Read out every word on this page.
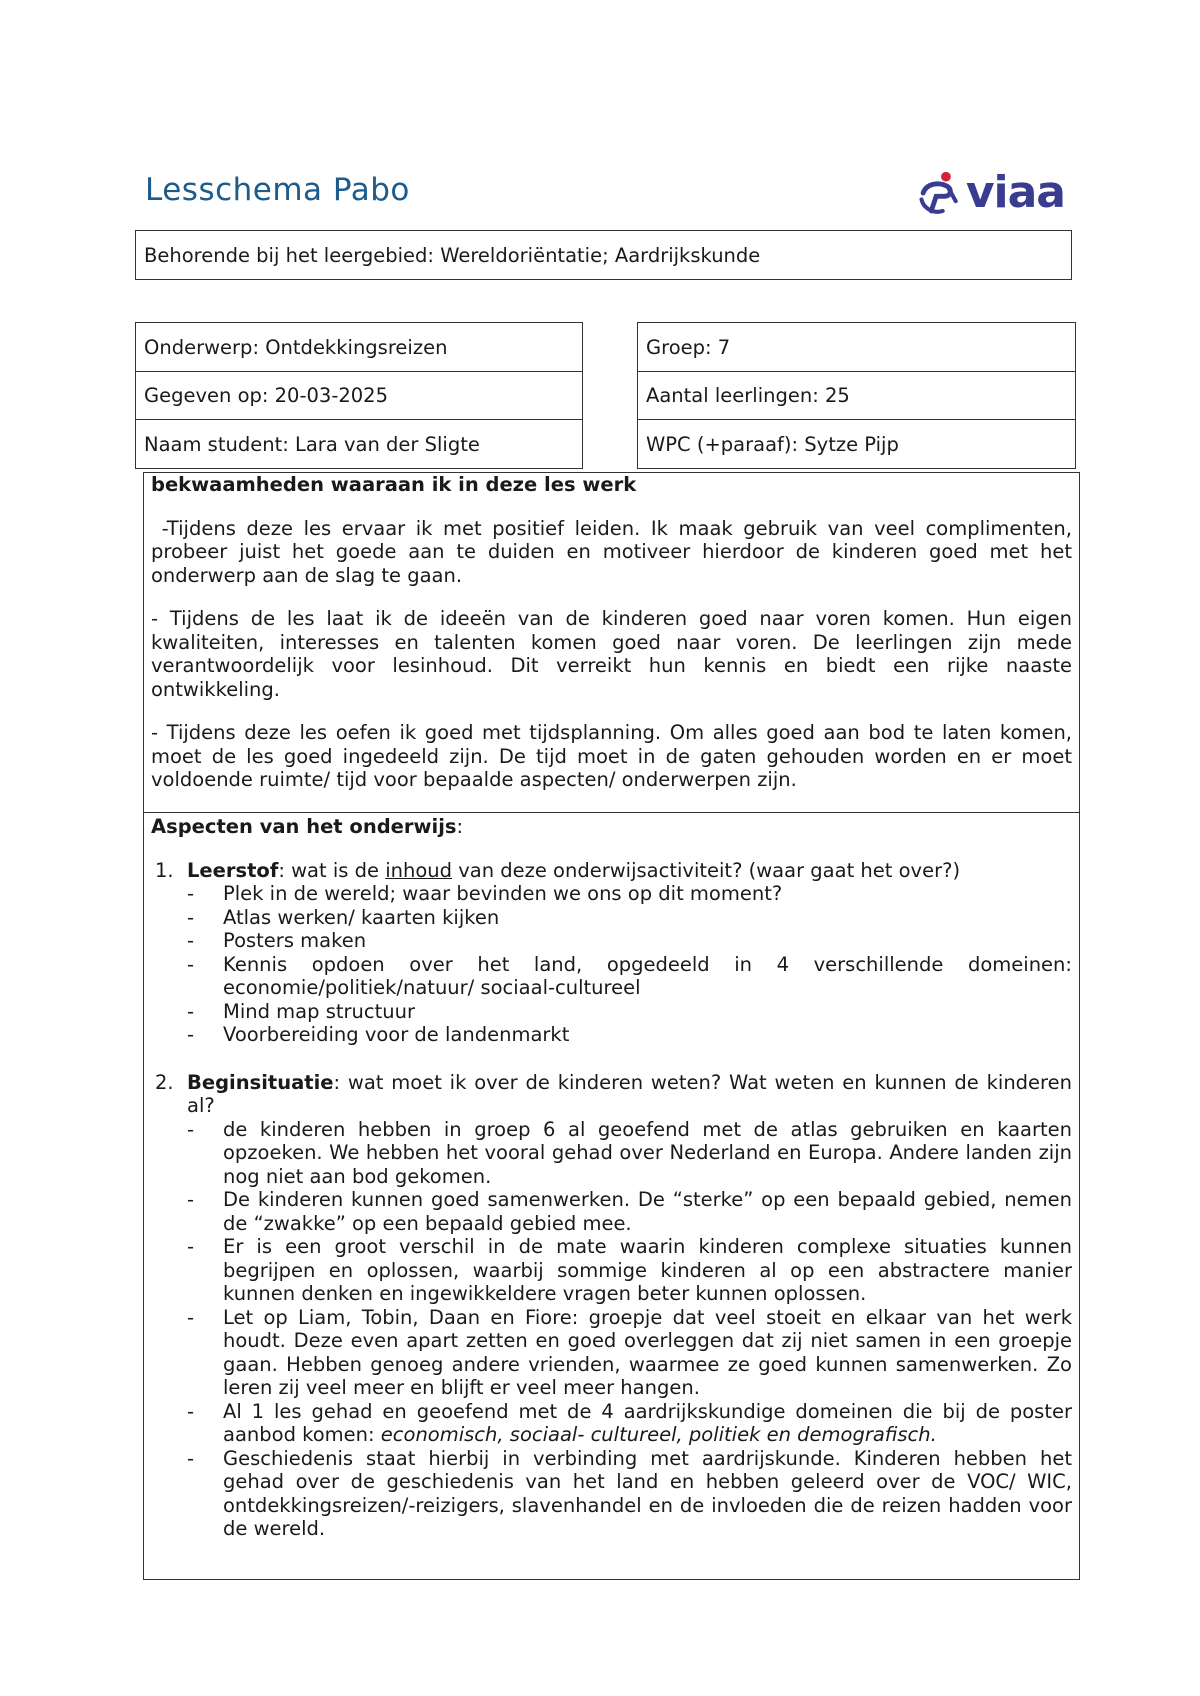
Lesschema Pabo	viaa
Behorende bij het leergebied: Wereldoriëntatie; Aardrijkskunde
Onderwerp: Ontdekkingsreizen
Gegeven op: 20-03-2025
Naam student: Lara van der Sligte
Groep: 7
Aantal leerlingen: 25
WPC (+paraaf): Sytze Pijp

bekwaamheden waaraan ik in deze les werk

-Tijdens deze les ervaar ik met positief leiden. Ik maak gebruik van veel complimenten, probeer juist het goede aan te duiden en motiveer hierdoor de kinderen goed met het onderwerp aan de slag te gaan.

- Tijdens de les laat ik de ideeën van de kinderen goed naar voren komen. Hun eigen kwaliteiten, interesses en talenten komen goed naar voren. De leerlingen zijn mede verantwoordelijk voor lesinhoud. Dit verreikt hun kennis en biedt een rijke naaste ontwikkeling.

- Tijdens deze les oefen ik goed met tijdsplanning. Om alles goed aan bod te laten komen, moet de les goed ingedeeld zijn. De tijd moet in de gaten gehouden worden en er moet voldoende ruimte/ tijd voor bepaalde aspecten/ onderwerpen zijn.

Aspecten van het onderwijs:

1. Leerstof: wat is de inhoud van deze onderwijsactiviteit? (waar gaat het over?)
- Plek in de wereld; waar bevinden we ons op dit moment?
- Atlas werken/ kaarten kijken
- Posters maken
- Kennis opdoen over het land, opgedeeld in 4 verschillende domeinen: economie/politiek/natuur/ sociaal-cultureel
- Mind map structuur
- Voorbereiding voor de landenmarkt
2. Beginsituatie: wat moet ik over de kinderen weten? Wat weten en kunnen de kinderen al?
- de kinderen hebben in groep 6 al geoefend met de atlas gebruiken en kaarten opzoeken. We hebben het vooral gehad over Nederland en Europa. Andere landen zijn nog niet aan bod gekomen.
- De kinderen kunnen goed samenwerken. De “sterke” op een bepaald gebied, nemen de “zwakke” op een bepaald gebied mee.
- Er is een groot verschil in de mate waarin kinderen complexe situaties kunnen begrijpen en oplossen, waarbij sommige kinderen al op een abstractere manier kunnen denken en ingewikkeldere vragen beter kunnen oplossen.
- Let op Liam, Tobin, Daan en Fiore: groepje dat veel stoeit en elkaar van het werk houdt. Deze even apart zetten en goed overleggen dat zij niet samen in een groepje gaan. Hebben genoeg andere vrienden, waarmee ze goed kunnen samenwerken. Zo leren zij veel meer en blijft er veel meer hangen.
- Al 1 les gehad en geoefend met de 4 aardrijkskundige domeinen die bij de poster aanbod komen: economisch, sociaal- cultureel, politiek en demografisch.
- Geschiedenis staat hierbij in verbinding met aardrijskunde. Kinderen hebben het gehad over de geschiedenis van het land en hebben geleerd over de VOC/ WIC, ontdekkingsreizen/-reizigers, slavenhandel en de invloeden die de reizen hadden voor de wereld.
